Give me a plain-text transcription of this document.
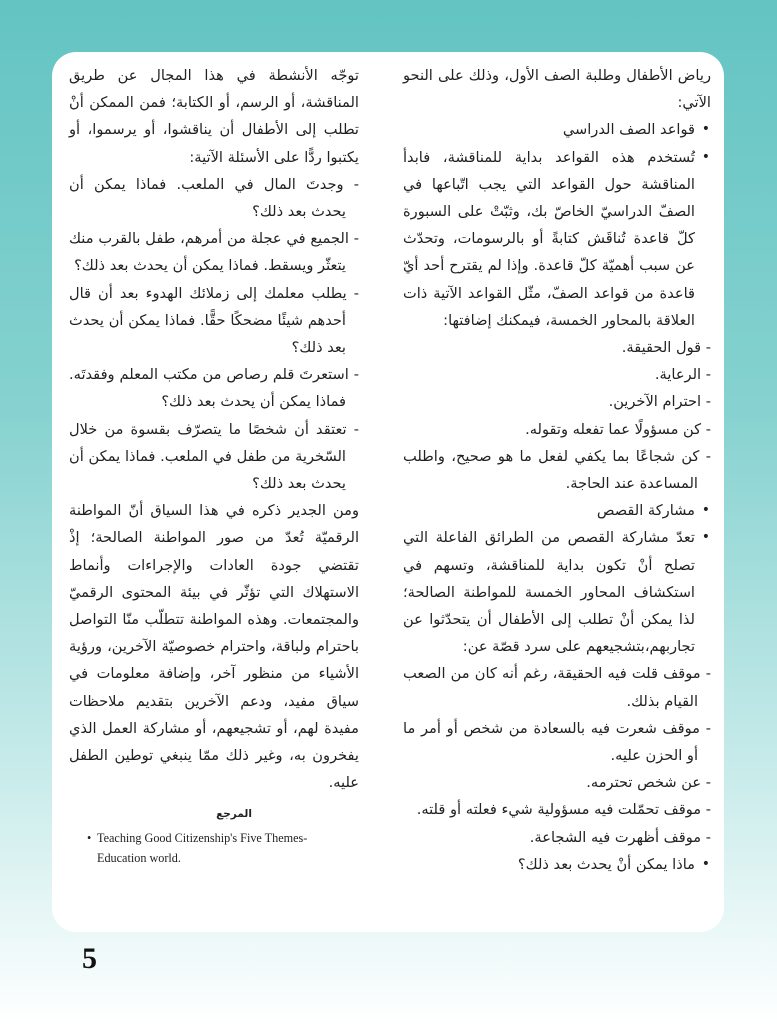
رياض الأطفال وطلبة الصف الأول، وذلك على النحو الآتي:
• قواعد الصف الدراسي
• تُستخدم هذه القواعد بداية للمناقشة، فابدأ المناقشة حول القواعد التي يجب اتّباعها في الصفّ الدراسيّ الخاصّ بك، وثبّتْ على السبورة كلّ قاعدة تُناقَش كتابةً أو بالرسومات، وتحدّث عن سبب أهميّة كلّ قاعدة. وإذا لم يقترح أحد أيّ قاعدة من قواعد الصفّ، مثّل القواعد الآتية ذات العلاقة بالمحاور الخمسة، فيمكنك إضافتها:
- قول الحقيقة.
- الرعاية.
- احترام الآخرين.
- كن مسؤولًا عما تفعله وتقوله.
- كن شجاعًا بما يكفي لفعل ما هو صحيح، واطلب المساعدة عند الحاجة.
• مشاركة القصص
• تعدّ مشاركة القصص من الطرائق الفاعلة التي تصلح أنْ تكون بداية للمناقشة، وتسهم في استكشاف المحاور الخمسة للمواطنة الصالحة؛ لذا يمكن أنْ تطلب إلى الأطفال أن يتحدّثوا عن تجاربهم،بتشجيعهم على سرد قصّة عن:
- موقف قلت فيه الحقيقة، رغم أنه كان من الصعب القيام بذلك.
- موقف شعرت فيه بالسعادة من شخص أو أمر ما أو الحزن عليه.
- عن شخص تحترمه.
- موقف تحمّلت فيه مسؤولية شيء فعلته أو قلته.
- موقف أظهرت فيه الشجاعة.
• ماذا يمكن أنْ يحدث بعد ذلك؟
توجّه الأنشطة في هذا المجال عن طريق المناقشة، أو الرسم، أو الكتابة؛ فمن الممكن أنْ تطلب إلى الأطفال أن يناقشوا، أو يرسموا، أو يكتبوا ردًّا على الأسئلة الآتية:
- وجدتَ المال في الملعب. فماذا يمكن أن يحدث بعد ذلك؟
- الجميع في عجلة من أمرهم، طفل بالقرب منك يتعثّر ويسقط. فماذا يمكن أن يحدث بعد ذلك؟
- يطلب معلمك إلى زملائك الهدوء بعد أن قال أحدهم شيئًا مضحكًا حقًّا. فماذا يمكن أن يحدث بعد ذلك؟
- استعرتَ قلم رصاص من مكتب المعلم وفقدتَه. فماذا يمكن أن يحدث بعد ذلك؟
- تعتقد أن شخصًا ما يتصرّف بقسوة من خلال السّخرية من طفل في الملعب. فماذا يمكن أن يحدث بعد ذلك؟
ومن الجدير ذكره في هذا السياق أنّ المواطنة الرقميّة تُعدّ من صور المواطنة الصالحة؛ إذْ تقتضي جودة العادات والإجراءات وأنماط الاستهلاك التي تؤثّر في بيئة المحتوى الرقميّ والمجتمعات. وهذه المواطنة تتطلّب منّا التواصل باحترام ولباقة، واحترام خصوصيّة الآخرين، ورؤية الأشياء من منظور آخر، وإضافة معلومات في سياق مفيد، ودعم الآخرين بتقديم ملاحظات مفيدة لهم، أو تشجيعهم، أو مشاركة العمل الذي يفخرون به، وغير ذلك ممّا ينبغي توطين الطفل عليه.
المرجع
• Teaching Good Citizenship's Five Themes- Education world.
5
